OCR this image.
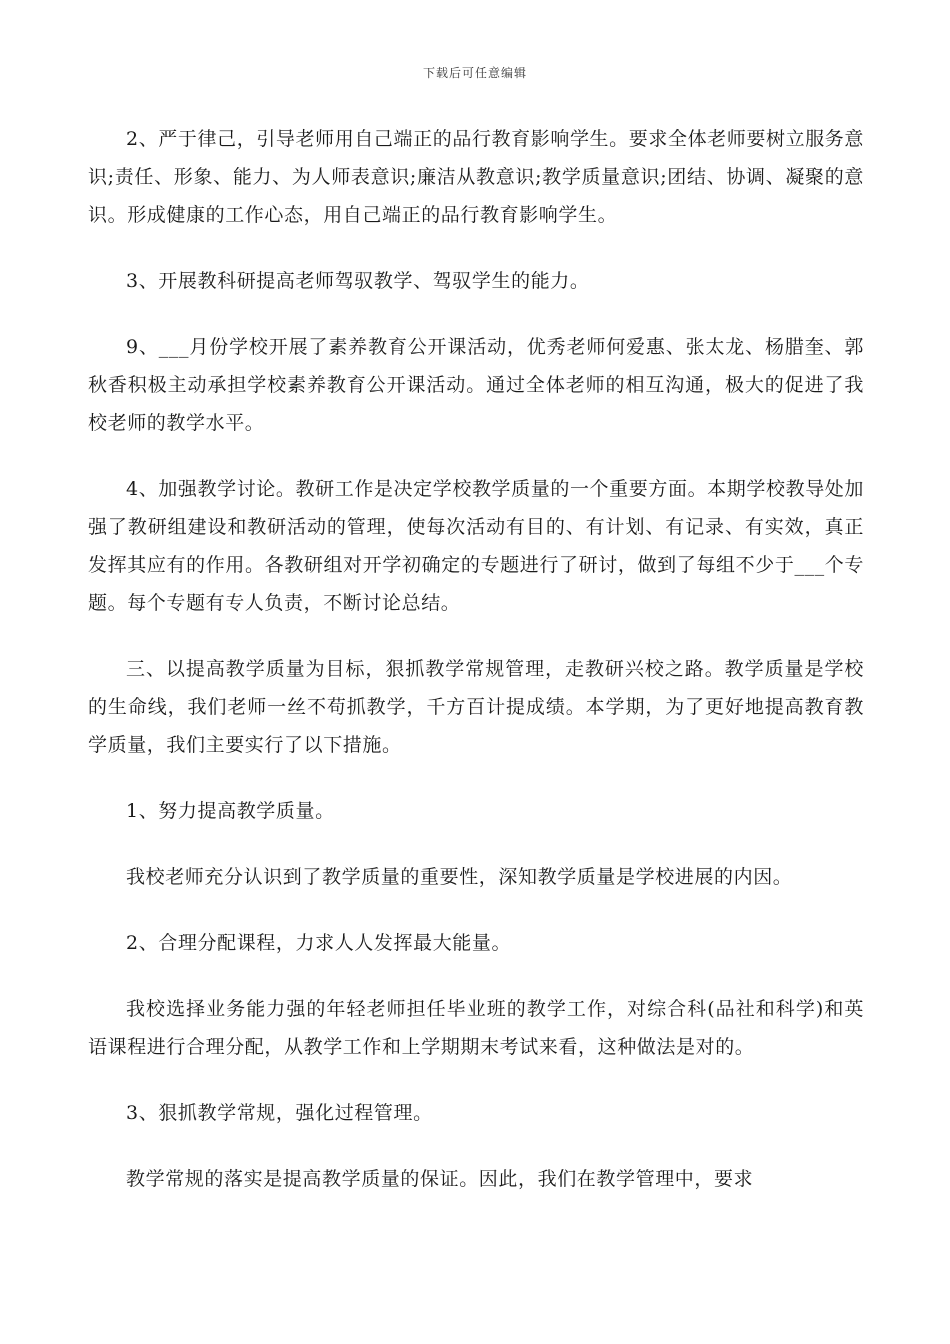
下载后可任意编辑

2、严于律己，引导老师用自己端正的品行教育影响学生。要求全体老师要树立服务意识;责任、形象、能力、为人师表意识;廉洁从教意识;教学质量意识;团结、协调、凝聚的意识。形成健康的工作心态，用自己端正的品行教育影响学生。

3、开展教科研提高老师驾驭教学、驾驭学生的能力。

9、___月份学校开展了素养教育公开课活动，优秀老师何爱惠、张太龙、杨腊奎、郭秋香积极主动承担学校素养教育公开课活动。通过全体老师的相互沟通，极大的促进了我校老师的教学水平。

4、加强教学讨论。教研工作是决定学校教学质量的一个重要方面。本期学校教导处加强了教研组建设和教研活动的管理，使每次活动有目的、有计划、有记录、有实效，真正发挥其应有的作用。各教研组对开学初确定的专题进行了研讨，做到了每组不少于___个专题。每个专题有专人负责，不断讨论总结。

三、以提高教学质量为目标，狠抓教学常规管理，走教研兴校之路。教学质量是学校的生命线，我们老师一丝不苟抓教学，千方百计提成绩。本学期，为了更好地提高教育教学质量，我们主要实行了以下措施。

1、努力提高教学质量。

我校老师充分认识到了教学质量的重要性，深知教学质量是学校进展的内因。

2、合理分配课程，力求人人发挥最大能量。

我校选择业务能力强的年轻老师担任毕业班的教学工作，对综合科(品社和科学)和英语课程进行合理分配，从教学工作和上学期期末考试来看，这种做法是对的。

3、狠抓教学常规，强化过程管理。

教学常规的落实是提高教学质量的保证。因此，我们在教学管理中，要求
